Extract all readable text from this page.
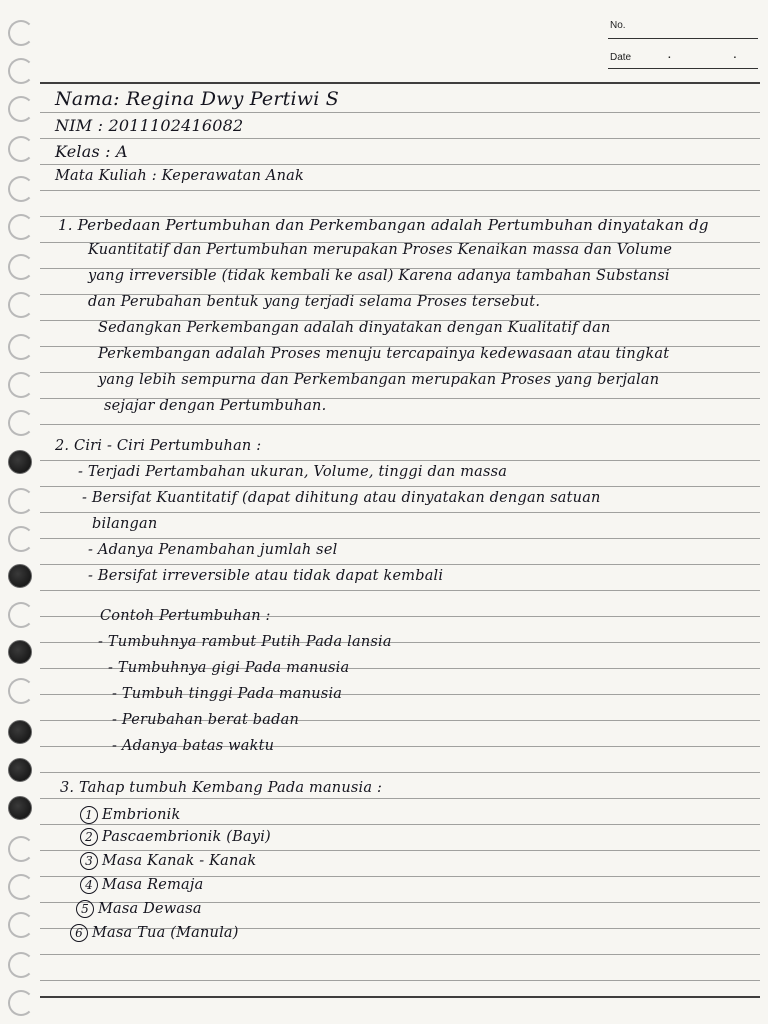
No.
Date	. .
Nama: Regina Dwy Pertiwi S
NIM : 2011102416082
Kelas : A
Mata Kuliah : Keperawatan Anak
1. Perbedaan Pertumbuhan dan Perkembangan adalah Pertumbuhan dinyatakan dg
Kuantitatif dan Pertumbuhan merupakan Proses Kenaikan massa dan Volume
yang irreversible (tidak kembali ke asal) Karena adanya tambahan Substansi
dan Perubahan bentuk yang terjadi selama Proses tersebut.
Sedangkan Perkembangan adalah dinyatakan dengan Kualitatif dan
Perkembangan adalah Proses menuju tercapainya kedewasaan atau tingkat
yang lebih sempurna dan Perkembangan merupakan Proses yang berjalan
sejajar dengan Pertumbuhan.
2. Ciri - Ciri Pertumbuhan :
- Terjadi Pertambahan ukuran, Volume, tinggi dan massa
- Bersifat Kuantitatif (dapat dihitung atau dinyatakan dengan satuan
bilangan
- Adanya Penambahan jumlah sel
- Bersifat irreversible atau tidak dapat kembali
Contoh Pertumbuhan :
- Tumbuhnya rambut Putih Pada lansia
- Tumbuhnya gigi Pada manusia
- Tumbuh tinggi Pada manusia
- Perubahan berat badan
- Adanya batas waktu
3. Tahap tumbuh Kembang Pada manusia :
1 Embrionik
2 Pascaembrionik (Bayi)
3 Masa Kanak - Kanak
4 Masa Remaja
5 Masa Dewasa
6 Masa Tua (Manula)
